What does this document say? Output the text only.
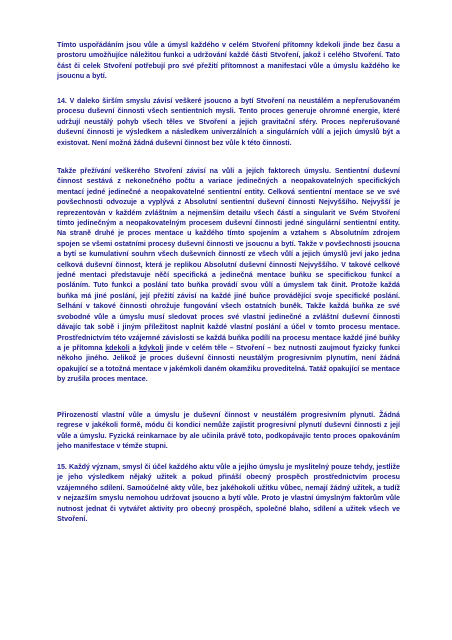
Tímto uspořádáním jsou vůle a úmysl každého v celém Stvoření přítomny kdekoli jinde bez času a prostoru umožňujíce náležitou funkci a udržování každé části Stvoření, jakož i celého Stvoření. Tato část či celek Stvoření potřebují pro své přežití přítomnost a manifestaci vůle a úmyslu každého ke jsoucnu a bytí.

14. V dalekо širším smyslu závisí veškeré jsoucno a bytí Stvoření na neustálém a nepřerušovaném procesu duševní činnosti všech sentientních mysli. Tento proces generuje ohromné energie, které udržují neustálý pohyb všech těles ve Stvoření a jejich gravitační sféry. Proces nepřerušované duševní činnosti je výsledkem a následkem univerzálních a singulárních vůlí a jejich úmyslů být a existovat. Není možná žádná duševní činnost bez vůle k této činnosti.

Takže přežívání veškerého Stvoření závisí na vůli a jejích faktorech úmyslu. Sentientní duševní činnost sestává z nekonečného počtu a variace jedinečných a neopakovatelných specifických mentací jedné jedinečné a neopakovatelné sentientní entity. Celková sentientní mentace se ve své povšechnosti odvozuje a vyplývá z Absolutní sentientní duševní činnosti Nejvyššího. Nejvyšší je reprezentován v každém zvláštním a nejmenším detailu všech částí a singularit ve Svém Stvoření tímto jedinečným a neopakovatelným procesem duševní činnosti jedné singulární sentientní entity. Na straně druhé je proces mentace u každého tímto spojením a vztahem s Absolutním zdrojem spojen se všemi ostatními procesy duševní činnosti ve jsoucnu a bytí. Takže v povšechnosti jsoucna a bytí se kumulativní souhrn všech duševních činností ze všech vůlí a jejich úmyslů jeví jako jedna celková duševní činnost, která je replikou Absolutní duševní činnosti Nejvyššího. V takové celkové jedné mentaci představuje něčí specifická a jedinečná mentace buňku se specifickou funkcí a posláním. Tuto funkci a poslání tato buňka provádí svou vůlí a úmyslem tak činit. Protože každá buňka má jiné poslání, její přežití závisí na každé jiné buňce provádějící svoje specifické poslání. Selhání v takové činnosti ohrožuje fungování všech ostatních buněk. Takže každá buňka ze své svobodné vůle a úmyslu musí sledovat proces své vlastní jedinečné a zvláštní duševní činnosti dávajíc tak sobě i jiným příležitost naplnit každé vlastní poslání a účel v tomto procesu mentace. Prostřednictvím této vzájemné závislosti se každá buňka podílí na procesu mentace každé jiné buňky a je přítomna kdekoli a kdykoli jinde v celém těle – Stvoření – bez nutnosti zaujmout fyzicky funkci někoho jiného. Jelikož je proces duševní činnosti neustálým progresivním plynutím, není žádná opakující se a totožná mentace v jakémkoli daném okamžiku proveditelná. Tatáž opakující se mentace by zrušila proces mentace.

Přirozeností vlastní vůle a úmyslu je duševní činnost v neustálém progresivním plynutí. Žádná regrese v jakékoli formě, módu či kondici nemůže zajistit progresivní plynutí duševní činnosti z její vůle a úmyslu. Fyzická reinkarnace by ale učinila právě toto, podkopávajíc tento proces opakováním jeho manifestace v témže stupni.

15. Každý význam, smysl či účel každého aktu vůle a jejího úmyslu je myslitelný pouze tehdy, jestliže je jeho výsledkem nějaký užitek a pokud přináší obecný prospěch prostřednictvím procesu vzájemného sdílení. Samoúčelné akty vůle, bez jakéhokoli užitku vůbec, nemají žádný užitek, a tudíž v nejzazším smyslu nemohou udržovat jsoucno a bytí vůle. Proto je vlastní úmyslným faktorům vůle nutnost jednat či vytvářet aktivity pro obecný prospěch, společné blaho, sdílení a užitek všech ve Stvoření.
